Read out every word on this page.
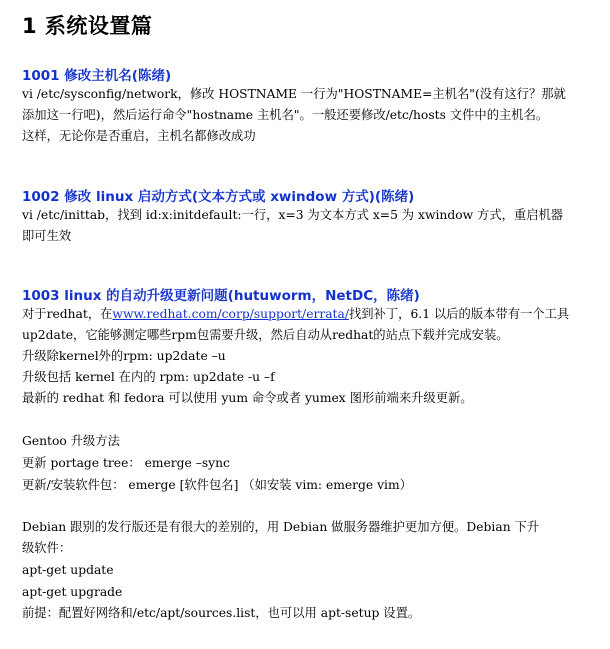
1 系统设置篇
1001 修改主机名(陈绪)
vi /etc/sysconfig/network，修改 HOSTNAME 一行为"HOSTNAME=主机名"(没有这行？那就
添加这一行吧)，然后运行命令"hostname 主机名"。一般还要修改/etc/hosts 文件中的主机名。
这样，无论你是否重启，主机名都修改成功
1002 修改 linux 启动方式(文本方式或 xwindow 方式)(陈绪)
vi /etc/inittab，找到 id:x:initdefault:一行，x=3 为文本方式 x=5 为 xwindow 方式，重启机器
即可生效
1003 linux 的自动升级更新问题(hutuworm，NetDC，陈绪)
对于redhat，在www.redhat.com/corp/support/errata/找到补丁，6.1 以后的版本带有一个工具
up2date，它能够测定哪些rpm包需要升级，然后自动从redhat的站点下载并完成安装。
升级除kernel外的rpm: up2date –u
升级包括 kernel 在内的 rpm: up2date -u –f
最新的 redhat 和 fedora 可以使用 yum 命令或者 yumex 图形前端来升级更新。
Gentoo 升级方法
更新 portage tree： emerge –sync
更新/安装软件包： emerge [软件包名] （如安装 vim: emerge vim）
Debian 跟别的发行版还是有很大的差别的，用 Debian 做服务器维护更加方便。Debian 下升
级软件：
apt-get update
apt-get upgrade
前提：配置好网络和/etc/apt/sources.list，也可以用 apt-setup 设置。
